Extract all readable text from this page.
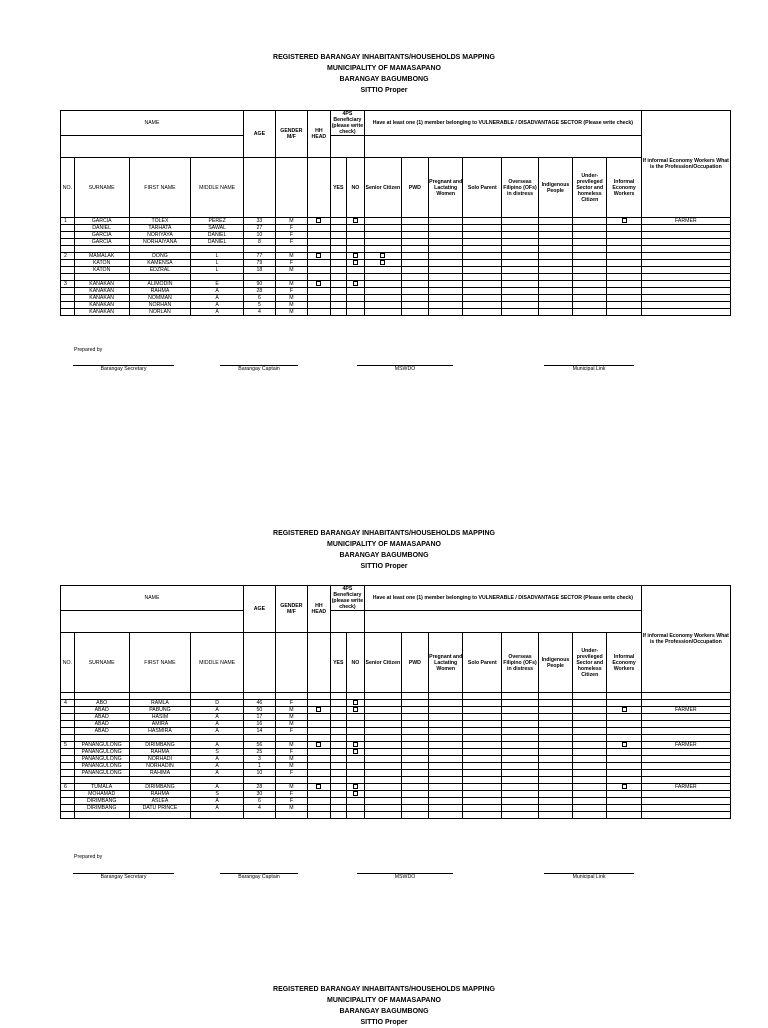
REGISTERED BARANGAY INHABITANTS/HOUSEHOLDS MAPPING
MUNICIPALITY OF MAMASAPANO
BARANGAY BAGUMBONG
SITTIO Proper
NAME				AGE	GENDER M/F	HH HEAD	4PS Beneficiary (please write check)		Have at least one (1) member belonging to VULNERABLE / DISADVANTAGE SECTOR (Please write check)								If informal Economy Workers What is the Profession/Occupation

NO.	SURNAME	FIRST NAME	MIDDLE NAME				YES	NO	Senior Citizen	PWD	Pregnant and Lactating Women	Solo Parent	Overseas Filipino (OFs) in distress	Indigenous People	Under-previleged Sector and homeless Citizen	Informal Economy Workers	
1	GARCIA	TOLEX	PEREZ	33	M												FARMER
	DANIEL	TARHATA	SAWAL	27	F												
	GARCIA	NORIYAYA	DANIEL	10	F												
	GARCIA	NORHAIYANA	DANIEL	8	F												

2	MAMALAK	DONG	L	77	M												
	KATON	KAMENSA	L	79	F												
	KATON	EDZRAL	L	18	M												

3	KANAKAN	ALIMODIN	E	90	M												
	KANAKAN	RAHMA	A	28	F												
	KANAKAN	NOMMAN	A	6	M												
	KANAKAN	NORHAN	A	5	M												
	KANAKAN	NORLAN	A	4	M												
Prepared by
Barangay Secretary	Barangay Captain	MSWDO	Municipal Link
REGISTERED BARANGAY INHABITANTS/HOUSEHOLDS MAPPING
MUNICIPALITY OF MAMASAPANO
BARANGAY BAGUMBONG
SITTIO Proper
NAME				AGE	GENDER M/F	HH HEAD	4PS Beneficiary (please write check)		Have at least one (1) member belonging to VULNERABLE / DISADVANTAGE SECTOR (Please write check)								If informal Economy Workers What is the Profession/Occupation

NO.	SURNAME	FIRST NAME	MIDDLE NAME				YES	NO	Senior Citizen	PWD	Pregnant and Lactating Women	Solo Parent	Overseas Filipino (OFs) in distress	Indigenous People	Under-previleged Sector and homeless Citizen	Informal Economy Workers	

4	ABO	RAMLA	D	46	F												
	ABAD	PABUNG	A	50	M												FARMER
	ABAD	HASIM	A	17	M												
	ABAD	AMIRA	A	16	M												
	ABAD	HASMIRA	A	14	F												

5	PANANGULONG	DIRIMBANG	A	56	M												FARMER
	PANANGULONG	RAHMA	S	25	F												
	PANANGULONG	NORHADI	A	3	M												
	PANANGULONG	NORHADIN	A	1	M												
	PANANGULONG	RAHIMA	A	10	F												

6	TUMALA	DIRIMBANG	A	28	M												FARMER
	MOHAMAD	RAHMA	S	30	F												
	DIRIMBANG	ASLEA	A	6	F												
	DIRIMBANG	DATU PRINCE	A	4	M												

Prepared by
Barangay Secretary	Barangay Captain	MSWDO	Municipal Link
REGISTERED BARANGAY INHABITANTS/HOUSEHOLDS MAPPING
MUNICIPALITY OF MAMASAPANO
BARANGAY BAGUMBONG
SITTIO Proper
